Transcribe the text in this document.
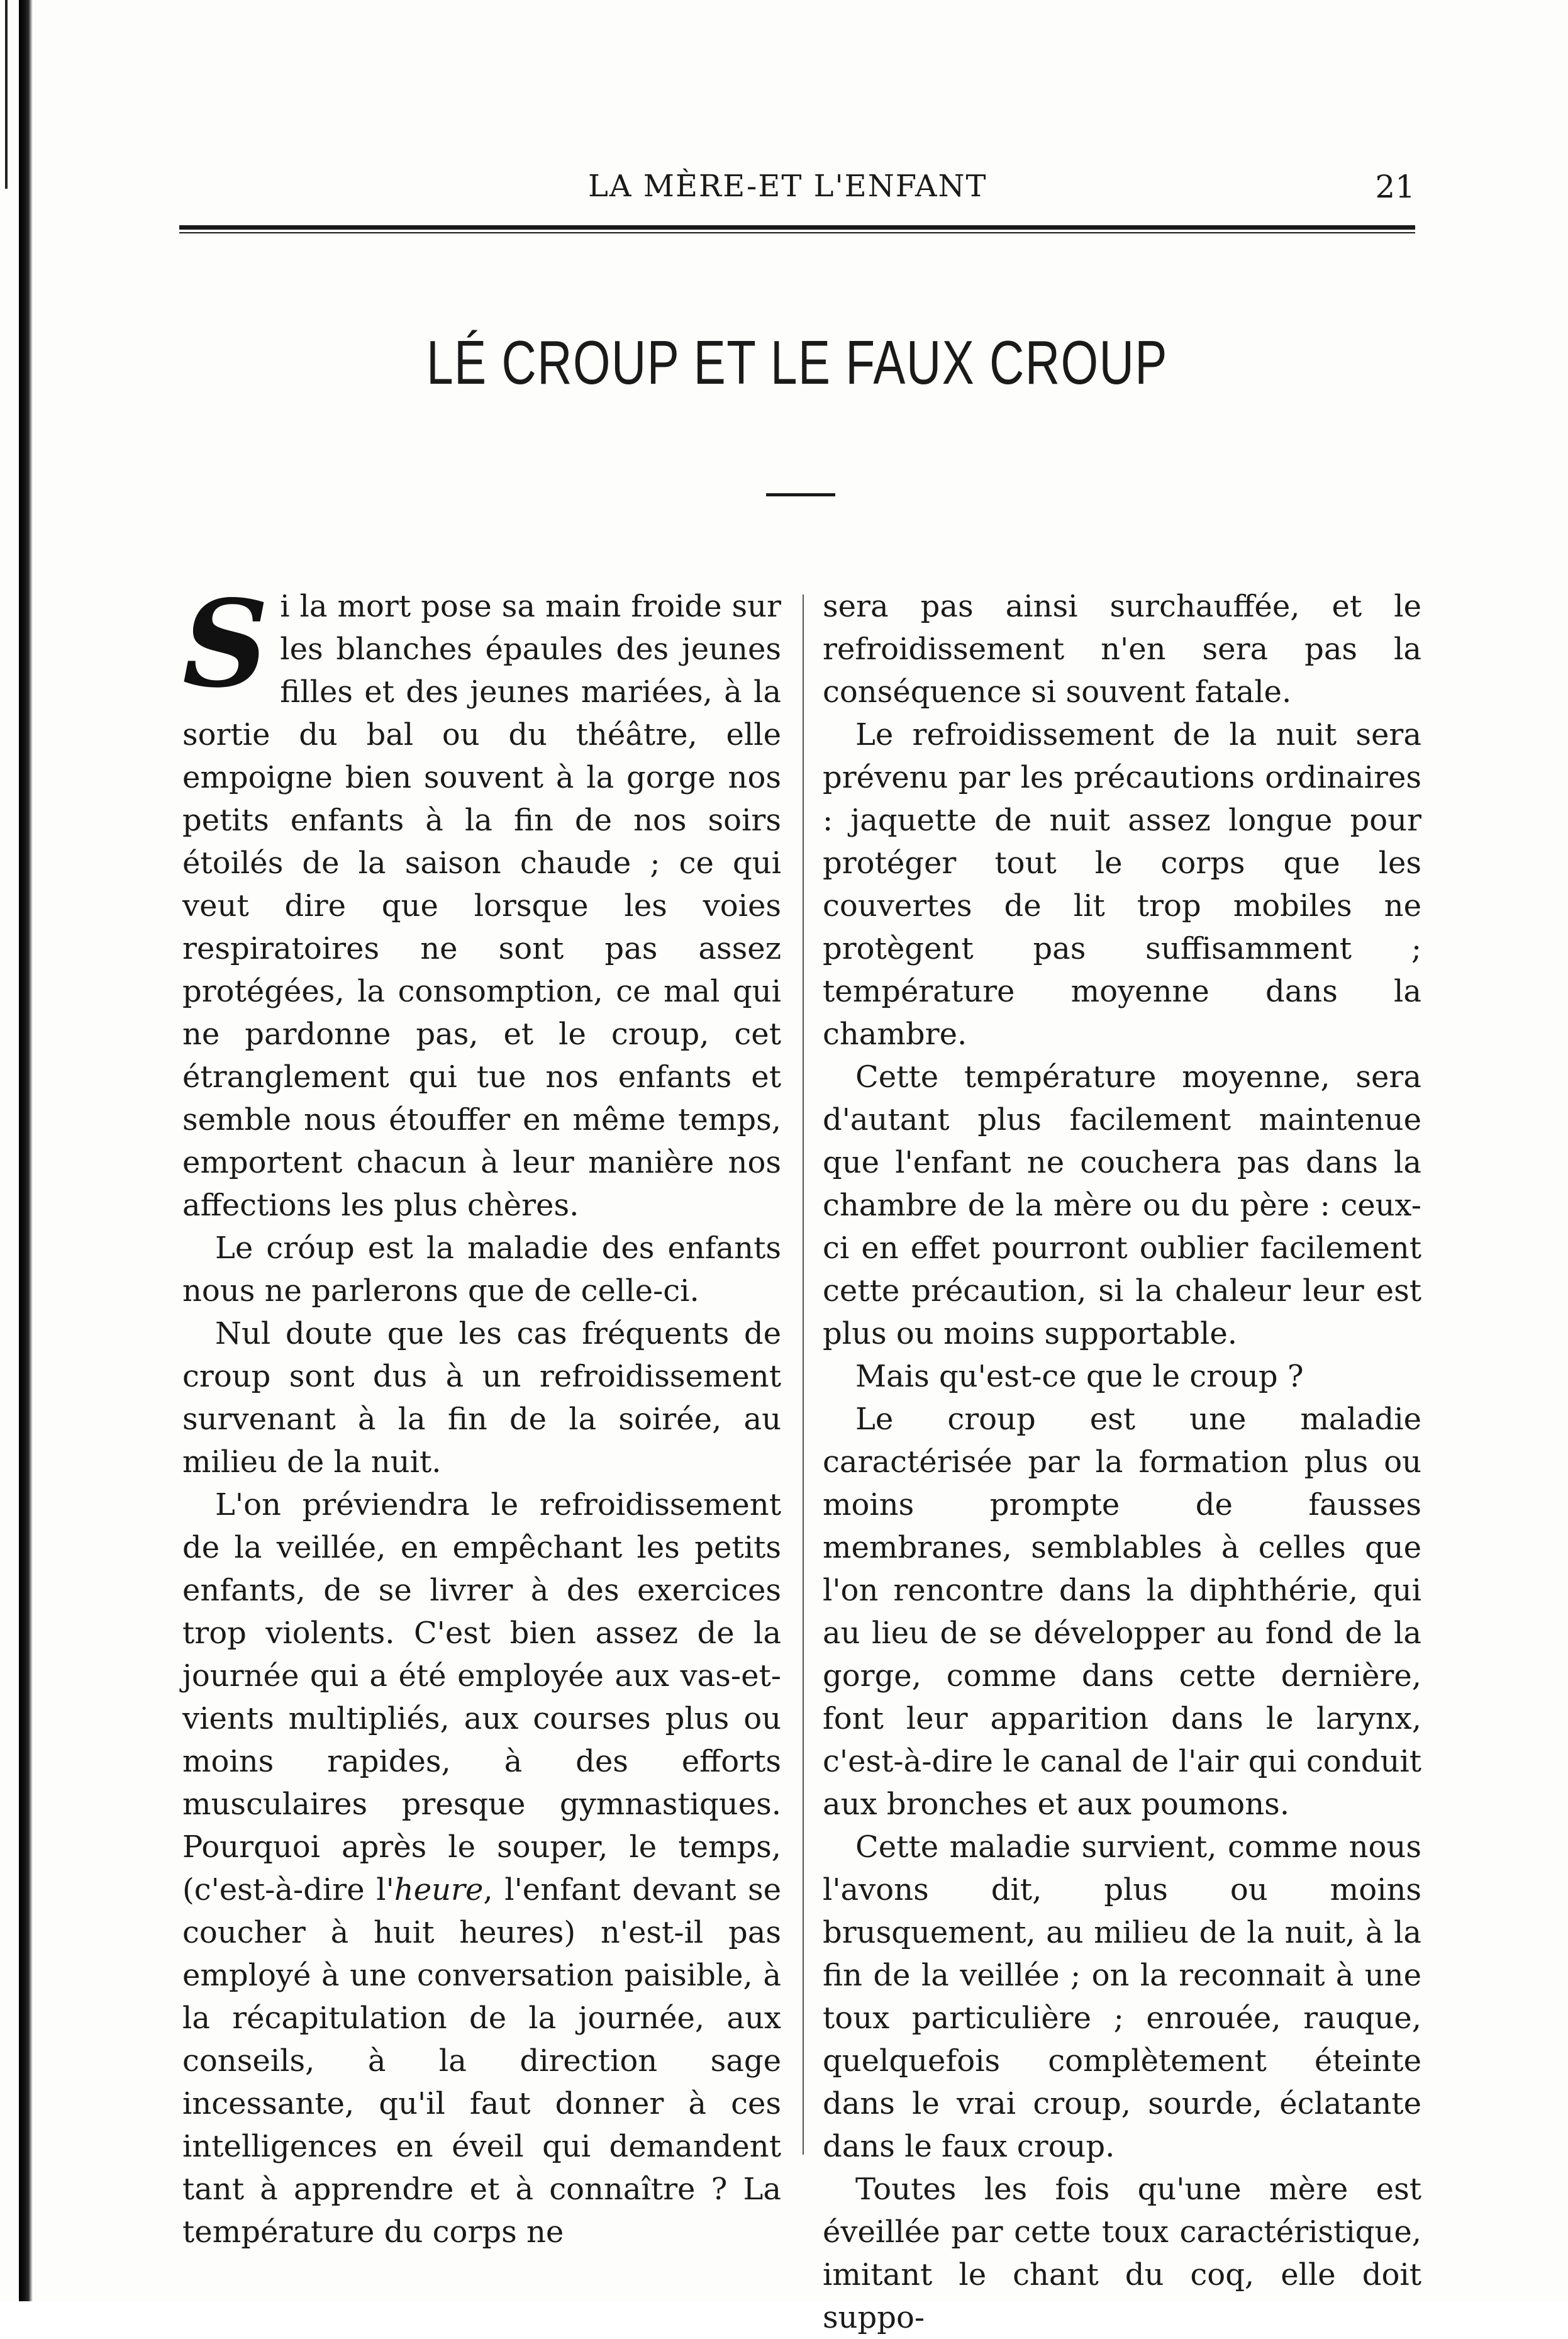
LA MÈRE-ET L'ENFANT	21
LÉ CROUP ET LE FAUX CROUP

Si la mort pose sa main froide sur les blanches épaules des jeunes filles et des jeunes mariées, à la sortie du bal ou du théâtre, elle empoigne bien souvent à la gorge nos petits enfants à la fin de nos soirs étoilés de la saison chaude ; ce qui veut dire que lorsque les voies respiratoires ne sont pas assez protégées, la consomption, ce mal qui ne pardonne pas, et le croup, cet étranglement qui tue nos enfants et semble nous étouffer en même temps, emportent chacun à leur manière nos affections les plus chères.

Le cróup est la maladie des enfants nous ne parlerons que de celle-ci.

Nul doute que les cas fréquents de croup sont dus à un refroidissement survenant à la fin de la soirée, au milieu de la nuit.

L'on préviendra le refroidissement de la veillée, en empêchant les petits enfants, de se livrer à des exercices trop violents. C'est bien assez de la journée qui a été employée aux vas-et-vients multipliés, aux courses plus ou moins rapides, à des efforts musculaires presque gymnastiques. Pourquoi après le souper, le temps, (c'est-à-dire l'heure, l'enfant devant se coucher à huit heures) n'est-il pas employé à une conversation paisible, à la récapitulation de la journée, aux conseils, à la direction sage incessante, qu'il faut donner à ces intelligences en éveil qui demandent tant à apprendre et à connaître ? La température du corps ne

sera pas ainsi surchauffée, et le refroidissement n'en sera pas la conséquence si souvent fatale.

Le refroidissement de la nuit sera prévenu par les précautions ordinaires : jaquette de nuit assez longue pour protéger tout le corps que les couvertes de lit trop mobiles ne protègent pas suffisamment ; température moyenne dans la chambre.

Cette température moyenne, sera d'autant plus facilement maintenue que l'enfant ne couchera pas dans la chambre de la mère ou du père : ceux-ci en effet pourront oublier facilement cette précaution, si la chaleur leur est plus ou moins supportable.

Mais qu'est-ce que le croup ?

Le croup est une maladie caractérisée par la formation plus ou moins prompte de fausses membranes, semblables à celles que l'on rencontre dans la diphthérie, qui au lieu de se développer au fond de la gorge, comme dans cette dernière, font leur apparition dans le larynx, c'est-à-dire le canal de l'air qui conduit aux bronches et aux poumons.

Cette maladie survient, comme nous l'avons dit, plus ou moins brusquement, au milieu de la nuit, à la fin de la veillée ; on la reconnait à une toux particulière ; enrouée, rauque, quelquefois complètement éteinte dans le vrai croup, sourde, éclatante dans le faux croup.

Toutes les fois qu'une mère est éveillée par cette toux caractéristique, imitant le chant du coq, elle doit suppo-
